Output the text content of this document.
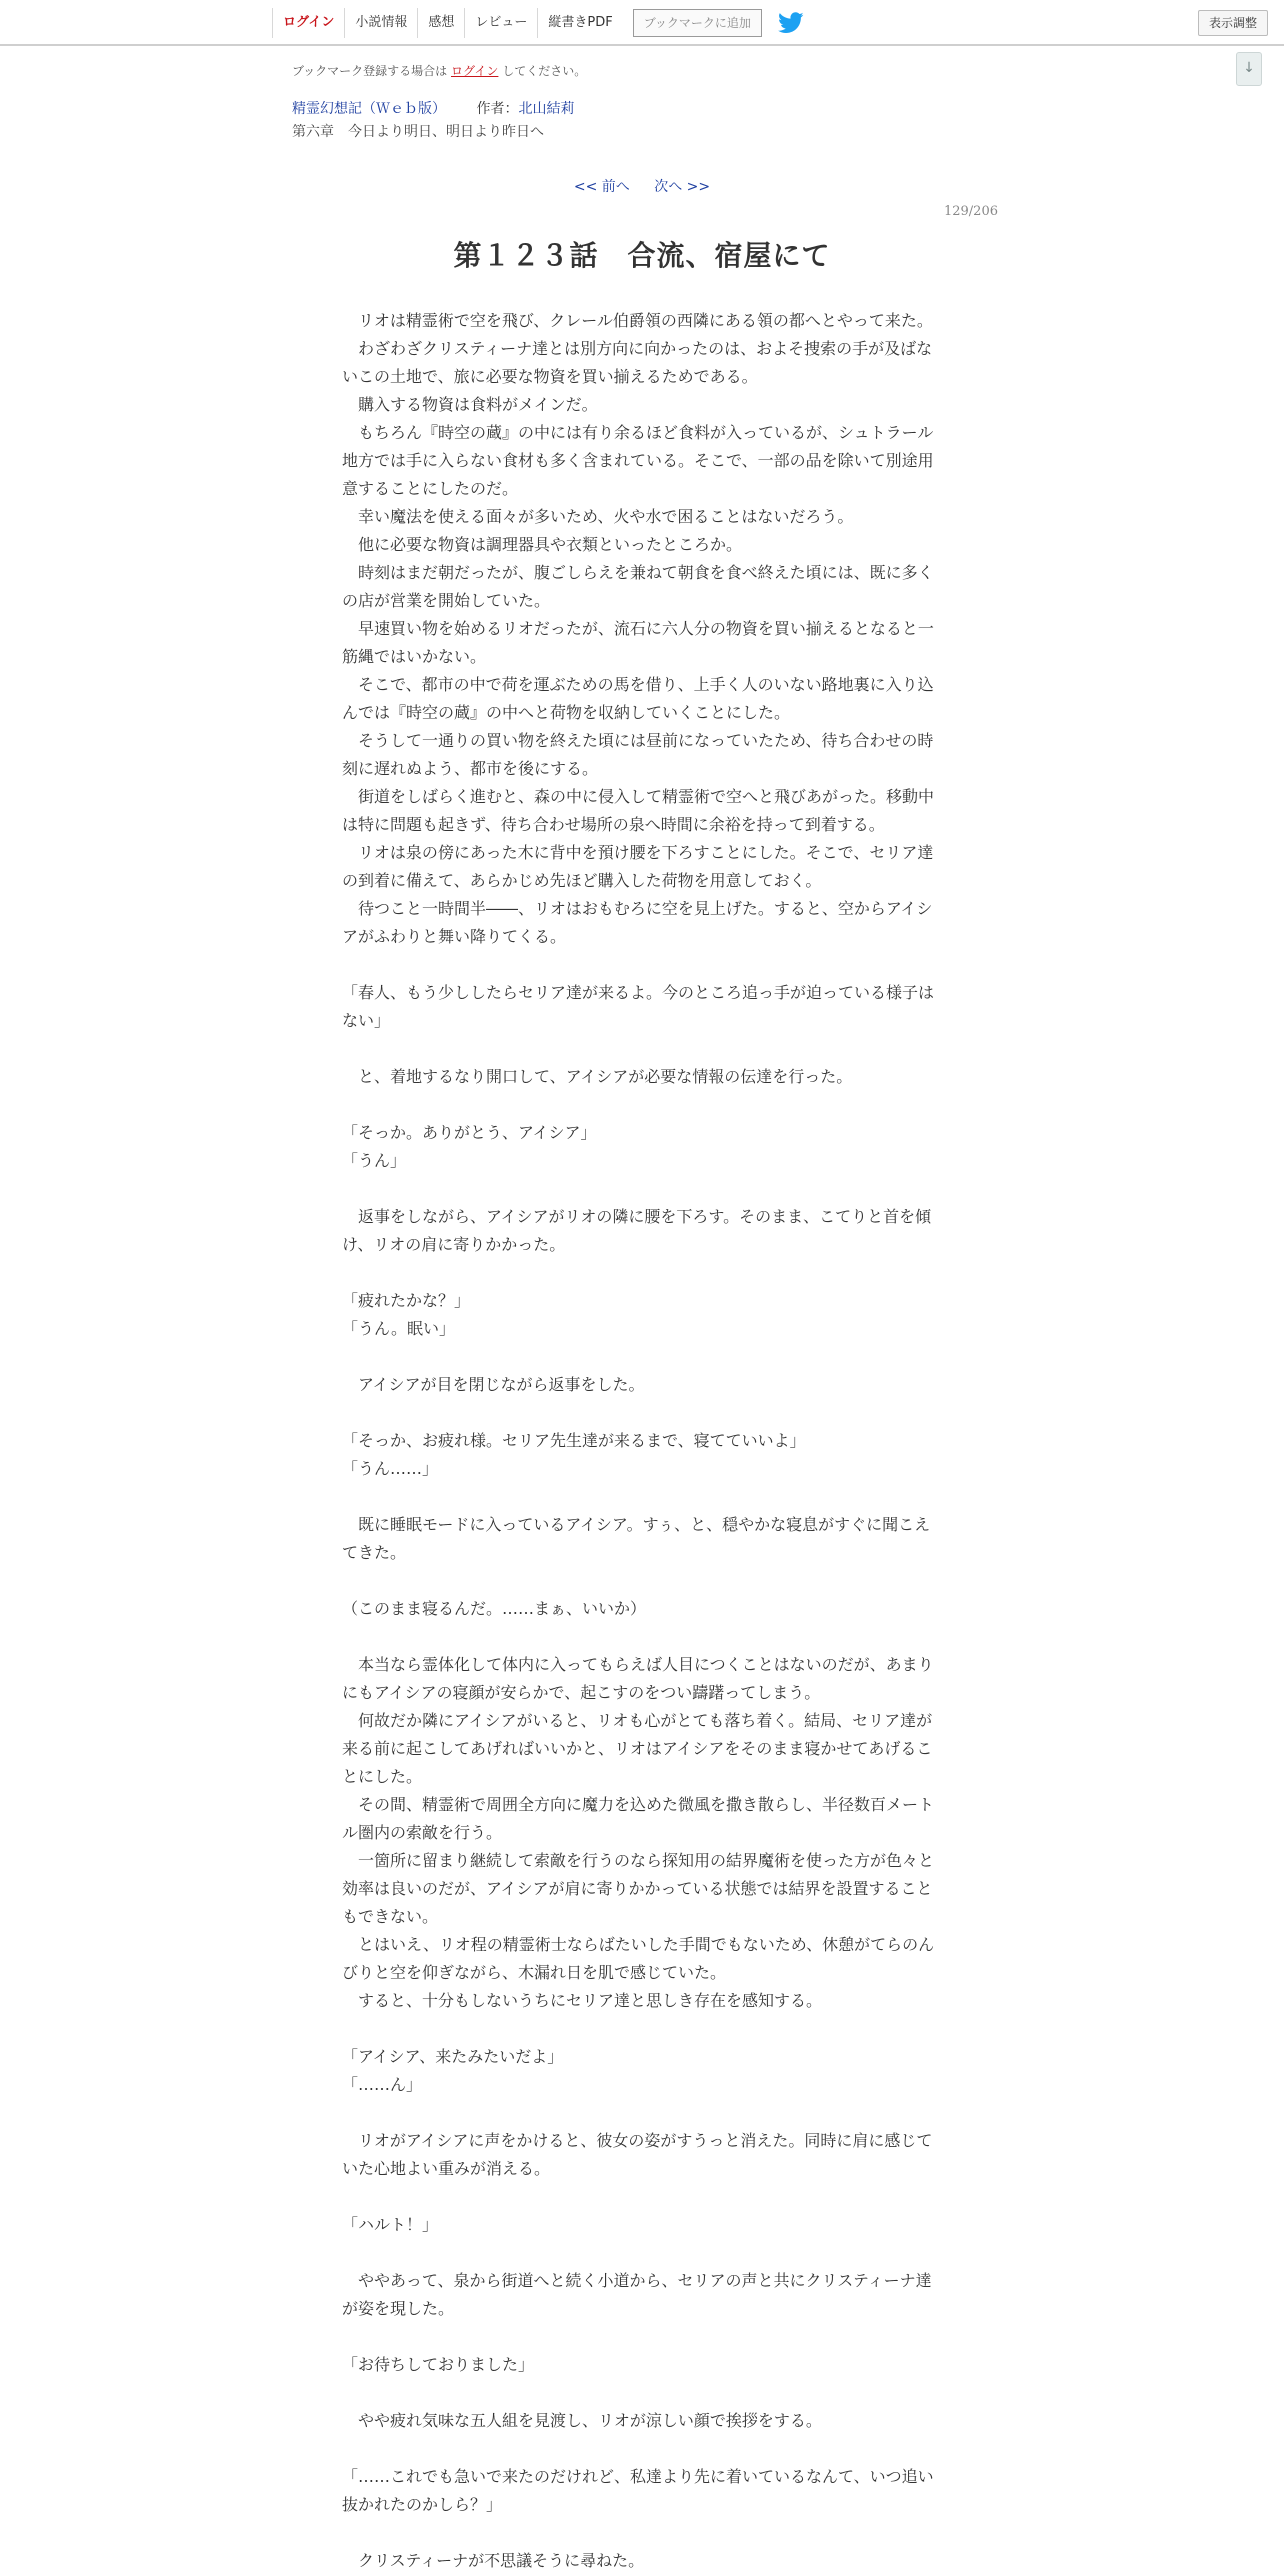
ログイン	小説情報	感想	レビュー	縦書きPDF	ブックマークに追加	表示調整
↓
ブックマーク登録する場合は ログイン してください。
精霊幻想記（Ｗｅｂ版） 作者：北山結莉
第六章　今日より明日、明日より昨日へ
<< 前へ 次へ >>
129/206
第１２３話　合流、宿屋にて

　リオは精霊術で空を飛び、クレール伯爵領の西隣にある領の都へとやって来た。

　わざわざクリスティーナ達とは別方向に向かったのは、およそ捜索の手が及ばないこの土地で、旅に必要な物資を買い揃えるためである。

　購入する物資は食料がメインだ。

　もちろん『時空の蔵』の中には有り余るほど食料が入っているが、シュトラール地方では手に入らない食材も多く含まれている。そこで、一部の品を除いて別途用意することにしたのだ。

　幸い魔法を使える面々が多いため、火や水で困ることはないだろう。

　他に必要な物資は調理器具や衣類といったところか。

　時刻はまだ朝だったが、腹ごしらえを兼ねて朝食を食べ終えた頃には、既に多くの店が営業を開始していた。

　早速買い物を始めるリオだったが、流石に六人分の物資を買い揃えるとなると一筋縄ではいかない。

　そこで、都市の中で荷を運ぶための馬を借り、上手く人のいない路地裏に入り込んでは『時空の蔵』の中へと荷物を収納していくことにした。

　そうして一通りの買い物を終えた頃には昼前になっていたため、待ち合わせの時刻に遅れぬよう、都市を後にする。

　街道をしばらく進むと、森の中に侵入して精霊術で空へと飛びあがった。移動中は特に問題も起きず、待ち合わせ場所の泉へ時間に余裕を持って到着する。

　リオは泉の傍にあった木に背中を預け腰を下ろすことにした。そこで、セリア達の到着に備えて、あらかじめ先ほど購入した荷物を用意しておく。

　待つこと一時間半――、リオはおもむろに空を見上げた。すると、空からアイシアがふわりと舞い降りてくる。

「春人、もう少ししたらセリア達が来るよ。今のところ追っ手が迫っている様子はない」

　と、着地するなり開口して、アイシアが必要な情報の伝達を行った。

「そっか。ありがとう、アイシア」

「うん」

　返事をしながら、アイシアがリオの隣に腰を下ろす。そのまま、こてりと首を傾け、リオの肩に寄りかかった。

「疲れたかな？」

「うん。眠い」

　アイシアが目を閉じながら返事をした。

「そっか、お疲れ様。セリア先生達が来るまで、寝てていいよ」

「うん……」

　既に睡眠モードに入っているアイシア。すぅ、と、穏やかな寝息がすぐに聞こえてきた。

（このまま寝るんだ。……まぁ、いいか）

　本当なら霊体化して体内に入ってもらえば人目につくことはないのだが、あまりにもアイシアの寝顔が安らかで、起こすのをつい躊躇ってしまう。

　何故だか隣にアイシアがいると、リオも心がとても落ち着く。結局、セリア達が来る前に起こしてあげればいいかと、リオはアイシアをそのまま寝かせてあげることにした。

　その間、精霊術で周囲全方向に魔力を込めた微風を撒き散らし、半径数百メートル圏内の索敵を行う。

　一箇所に留まり継続して索敵を行うのなら探知用の結界魔術を使った方が色々と効率は良いのだが、アイシアが肩に寄りかかっている状態では結界を設置することもできない。

　とはいえ、リオ程の精霊術士ならばたいした手間でもないため、休憩がてらのんびりと空を仰ぎながら、木漏れ日を肌で感じていた。

　すると、十分もしないうちにセリア達と思しき存在を感知する。

「アイシア、来たみたいだよ」

「……ん」

　リオがアイシアに声をかけると、彼女の姿がすうっと消えた。同時に肩に感じていた心地よい重みが消える。

「ハルト！」

　ややあって、泉から街道へと続く小道から、セリアの声と共にクリスティーナ達が姿を現した。

「お待ちしておりました」

　やや疲れ気味な五人組を見渡し、リオが涼しい顔で挨拶をする。

「……これでも急いで来たのだけれど、私達より先に着いているなんて、いつ追い抜かれたのかしら？」

　クリスティーナが不思議そうに尋ねた。
